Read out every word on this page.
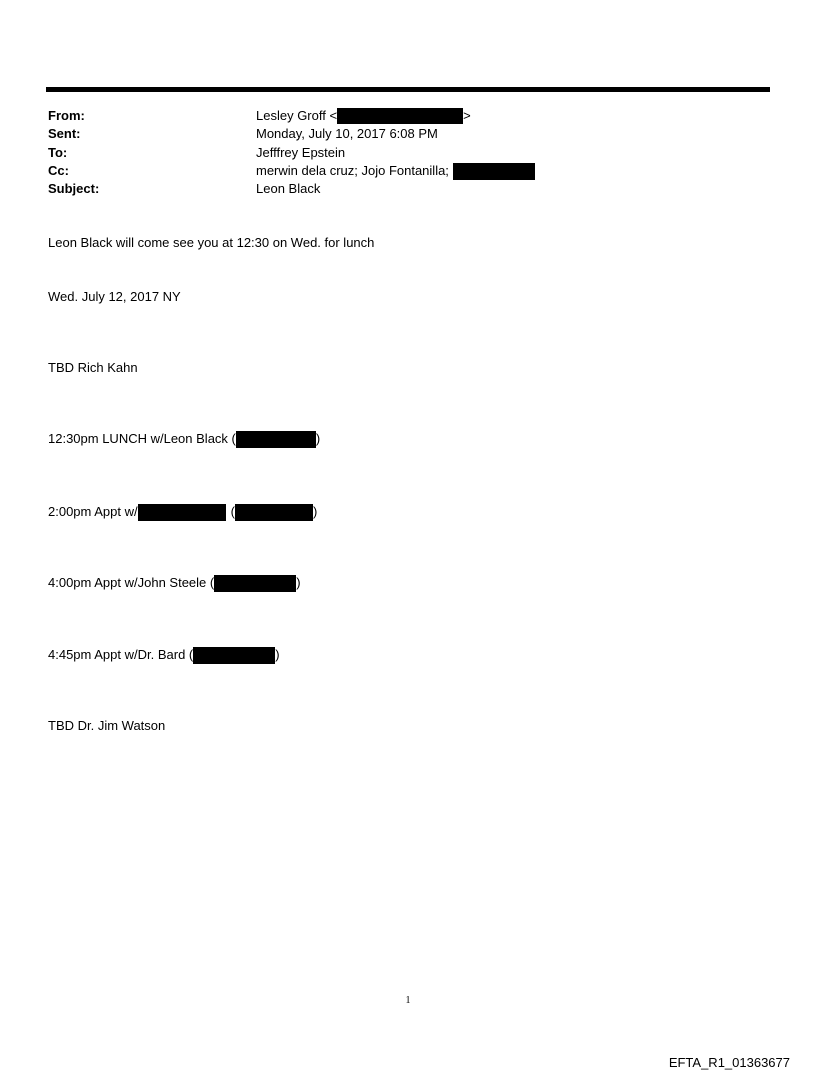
From:	Lesley Groff <	>
Sent:	Monday, July 10, 2017 6:08 PM
To:	Jefffrey Epstein
Cc:	merwin dela cruz; Jojo Fontanilla;
Subject:	Leon Black
Leon Black will come see you at 12:30 on Wed. for lunch
Wed. July 12, 2017 NY
TBD Rich Kahn
12:30pm LUNCH w/Leon Black (	)
2:00pm Appt w/	(	)
4:00pm Appt w/John Steele (	)
4:45pm Appt w/Dr. Bard (	)
TBD Dr. Jim Watson
1
EFTA_R1_01363677
